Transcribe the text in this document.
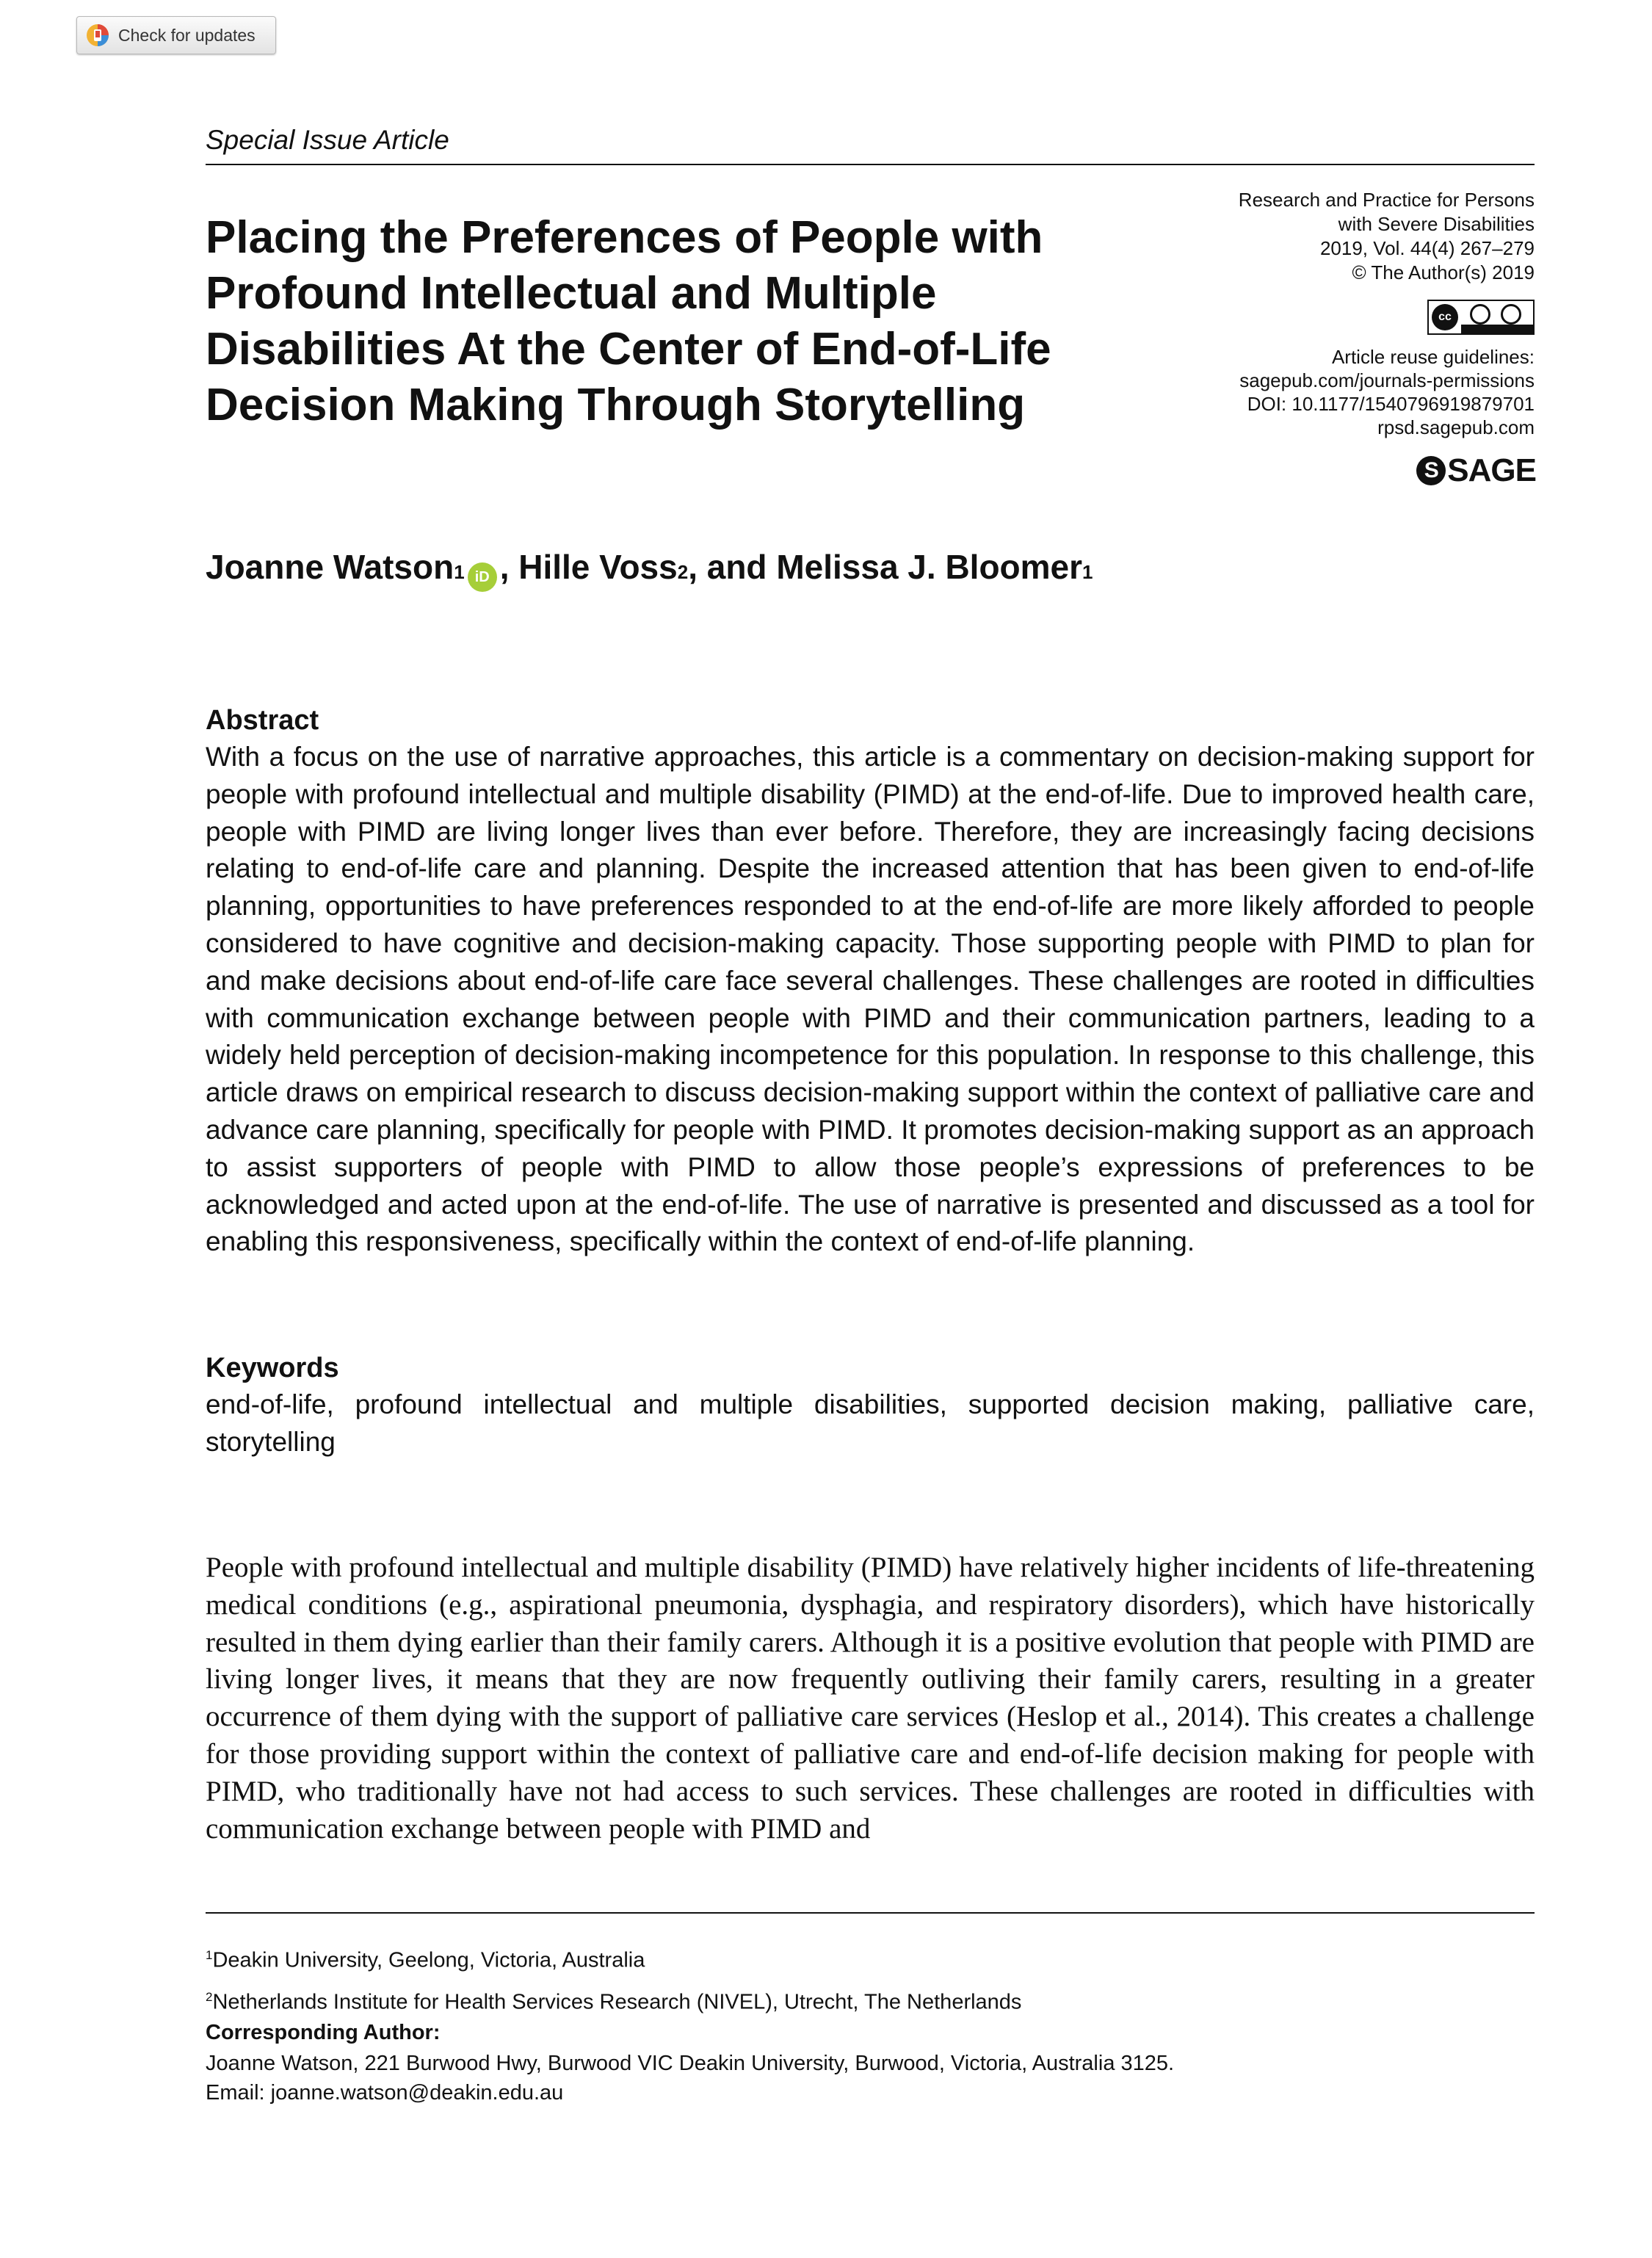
Check for updates
Special Issue Article
Placing the Preferences of People with Profound Intellectual and Multiple Disabilities At the Center of End-of-Life Decision Making Through Storytelling
Research and Practice for Persons
with Severe Disabilities
2019, Vol. 44(4) 267–279
© The Author(s) 2019
cc
Article reuse guidelines:
sagepub.com/journals-permissions
DOI: 10.1177/1540796919879701
rpsd.sagepub.com
S SAGE
Joanne Watson 1 iD , Hille Voss 2 , and Melissa J. Bloomer 1
Abstract

With a focus on the use of narrative approaches, this article is a commentary on decision-making support for people with profound intellectual and multiple disability (PIMD) at the end-of-life. Due to improved health care, people with PIMD are living longer lives than ever before. Therefore, they are increasingly facing decisions relating to end-of-life care and planning. Despite the increased attention that has been given to end-of-life planning, opportunities to have preferences responded to at the end-of-life are more likely afforded to people considered to have cognitive and decision-making capacity. Those supporting people with PIMD to plan for and make decisions about end-of-life care face several challenges. These challenges are rooted in difficulties with communication exchange between people with PIMD and their communication partners, leading to a widely held perception of decision-making incompetence for this population. In response to this challenge, this article draws on empirical research to discuss decision-making support within the context of palliative care and advance care planning, specifically for people with PIMD. It promotes decision-making support as an approach to assist supporters of people with PIMD to allow those people’s expressions of preferences to be acknowledged and acted upon at the end-of-life. The use of narrative is presented and discussed as a tool for enabling this responsiveness, specifically within the context of end-of-life planning.

Keywords

end-of-life, profound intellectual and multiple disabilities, supported decision making, palliative care, storytelling

People with profound intellectual and multiple disability (PIMD) have relatively higher incidents of life-threatening medical conditions (e.g., aspirational pneumonia, dysphagia, and respiratory disorders), which have historically resulted in them dying earlier than their family carers. Although it is a positive evolution that people with PIMD are living longer lives, it means that they are now frequently outliving their family carers, resulting in a greater occurrence of them dying with the support of palliative care services (Heslop et al., 2014). This creates a challenge for those providing support within the context of palliative care and end-of-life decision making for people with PIMD, who traditionally have not had access to such services. These challenges are rooted in difficulties with communication exchange between people with PIMD and

$^1$Deakin University, Geelong, Victoria, Australia
$^2$Netherlands Institute for Health Services Research (NIVEL), Utrecht, The Netherlands
Corresponding Author:
Joanne Watson, 221 Burwood Hwy, Burwood VIC Deakin University, Burwood, Victoria, Australia 3125.
Email: joanne.watson@deakin.edu.au
